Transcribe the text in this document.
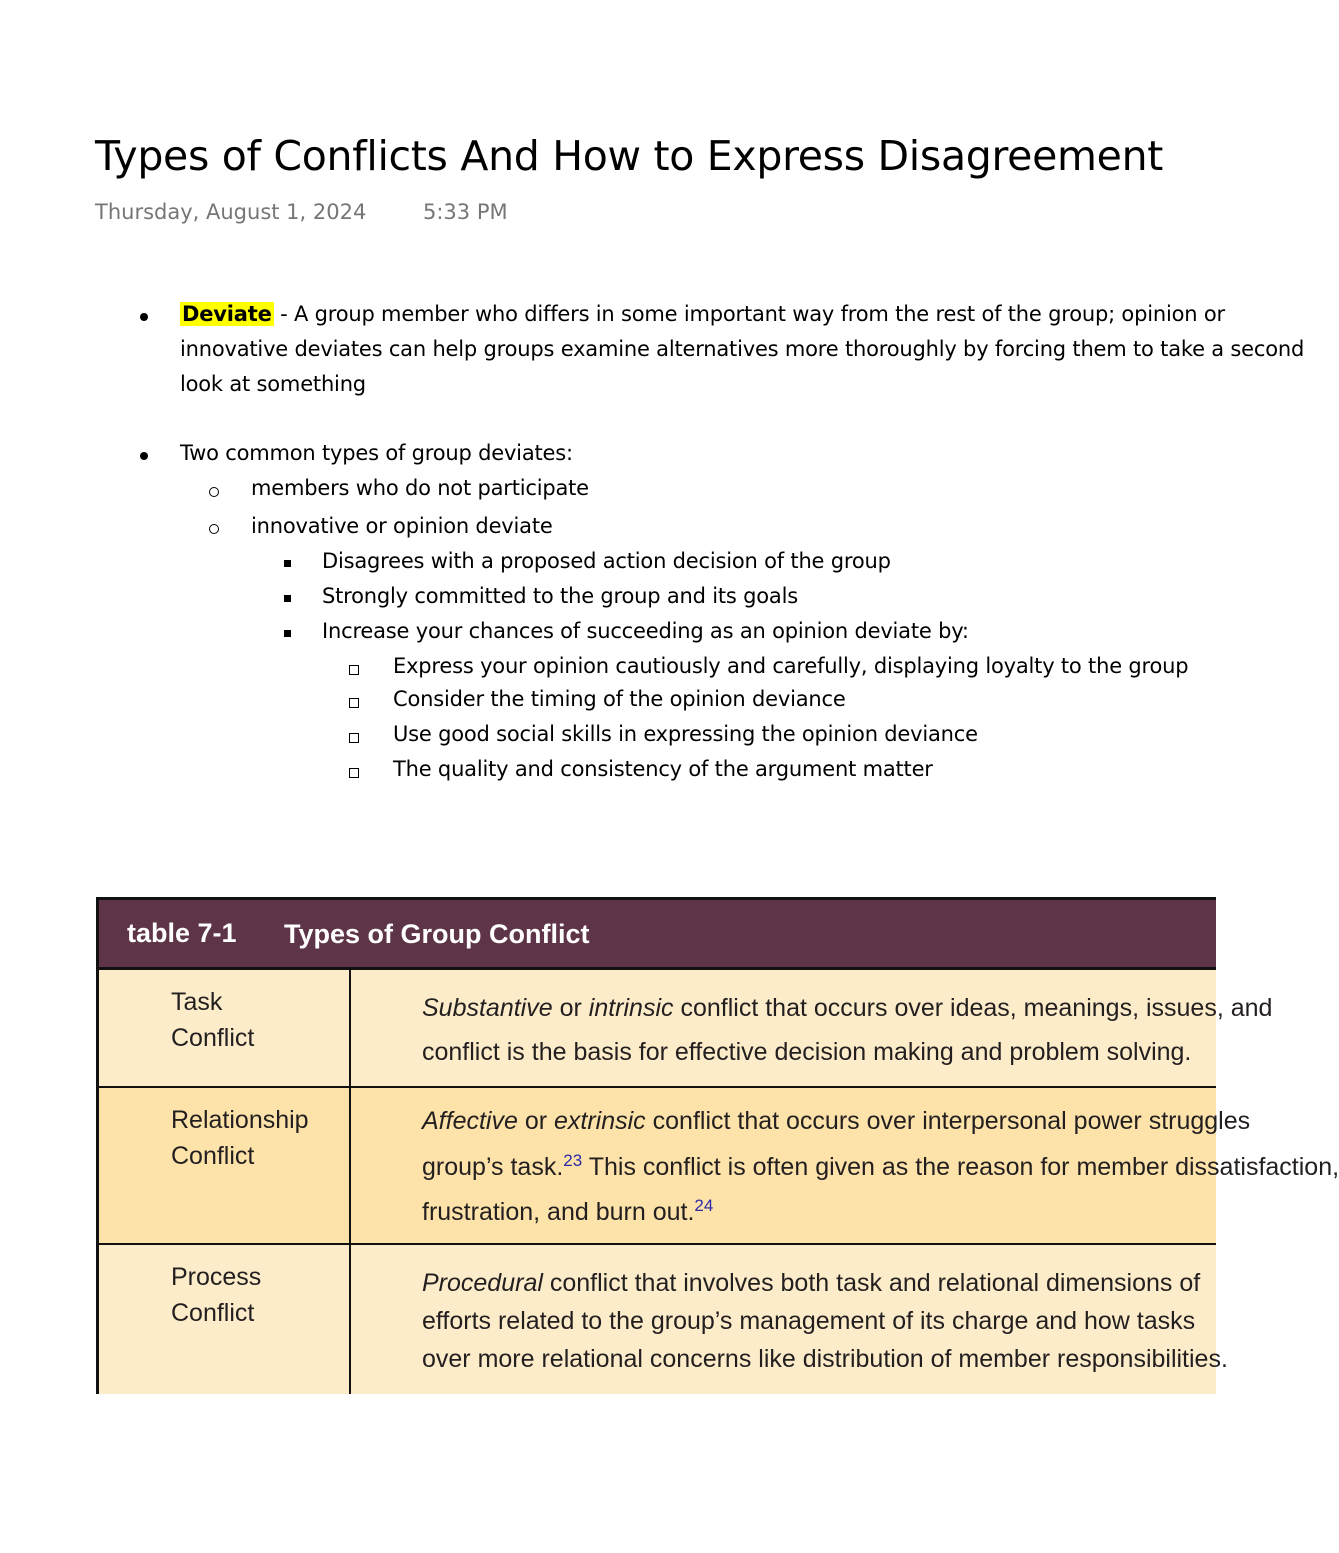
Types of Conflicts And How to Express Disagreement
Thursday, August 1, 2024	5:33 PM
Deviate - A group member who differs in some important way from the rest of the group; opinion or
innovative deviates can help groups examine alternatives more thoroughly by forcing them to take a second
look at something
Two common types of group deviates:
members who do not participate
innovative or opinion deviate
Disagrees with a proposed action decision of the group
Strongly committed to the group and its goals
Increase your chances of succeeding as an opinion deviate by:
Express your opinion cautiously and carefully, displaying loyalty to the group
Consider the timing of the opinion deviance
Use good social skills in expressing the opinion deviance
The quality and consistency of the argument matter
table 7-1 Types of Group Conflict
Task
Conflict
Substantive or intrinsic conflict that occurs over ideas, meanings, issues, and
conflict is the basis for effective decision making and problem solving.
Relationship
Conflict
Affective or extrinsic conflict that occurs over interpersonal power struggles
group’s task.$^{23}$ This conflict is often given as the reason for member dissatisfaction,
frustration, and burn out.$^{24}$
Process
Conflict
Procedural conflict that involves both task and relational dimensions of
efforts related to the group’s management of its charge and how tasks
over more relational concerns like distribution of member responsibilities.
